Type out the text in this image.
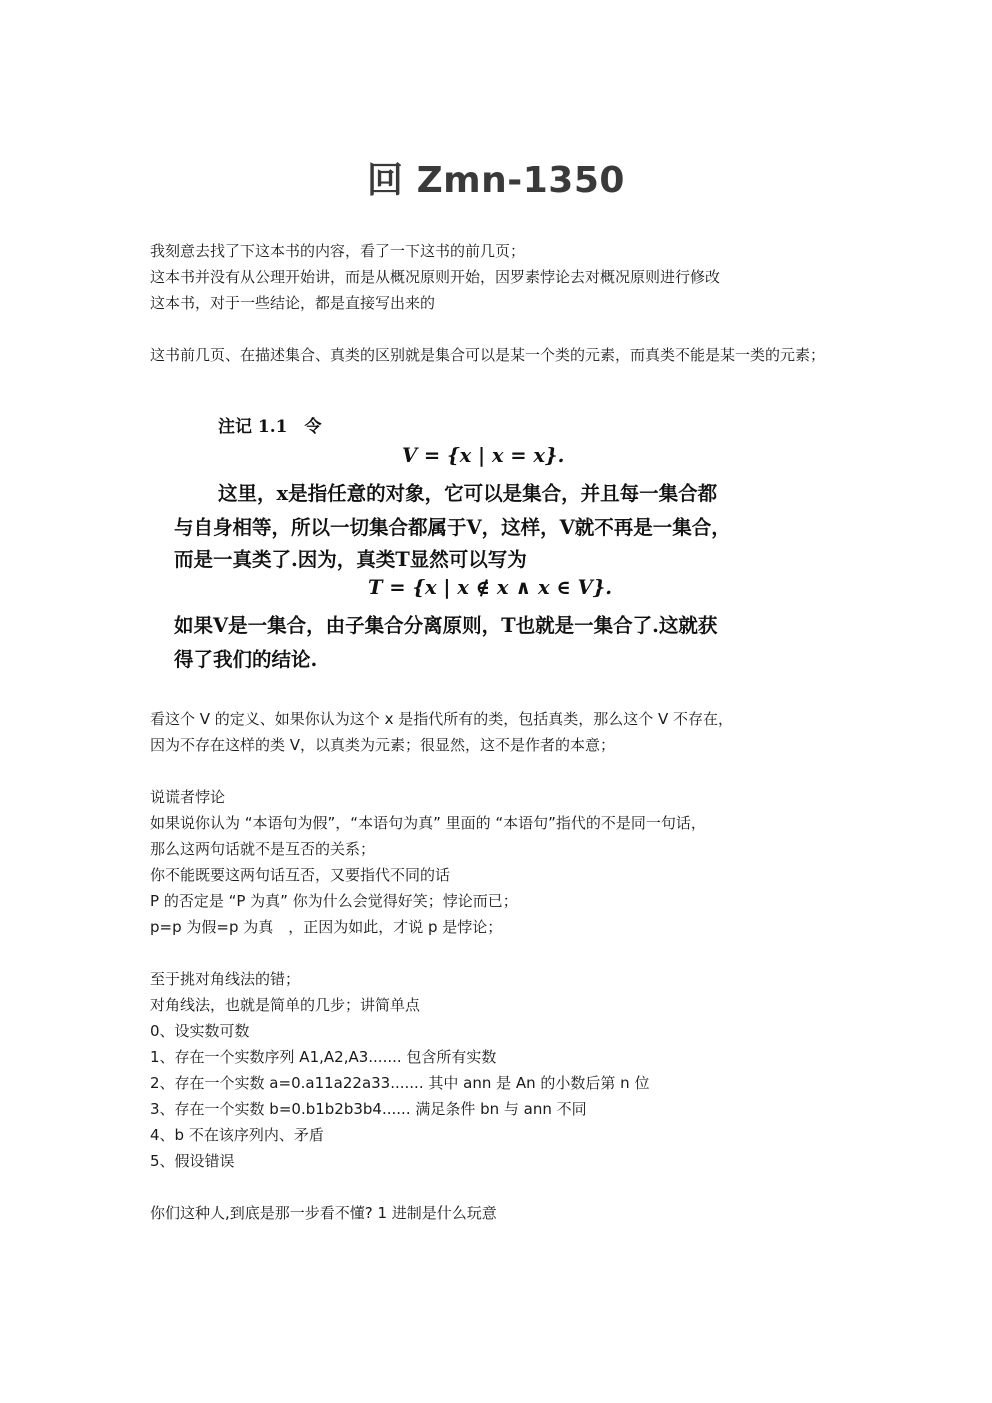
回 Zmn-1350
我刻意去找了下这本书的内容，看了一下这书的前几页；
这本书并没有从公理开始讲，而是从概况原则开始，因罗素悖论去对概况原则进行修改
这本书，对于一些结论，都是直接写出来的
这书前几页、在描述集合、真类的区别就是集合可以是某一个类的元素，而真类不能是某一类的元素；
注记 1.1　令
V = {x | x = x}.
这里，x是指任意的对象，它可以是集合，并且每一集合都
与自身相等，所以一切集合都属于V，这样，V就不再是一集合，
而是一真类了.因为，真类T显然可以写为
T = {x | x ∉ x ∧ x ∈ V}.
如果V是一集合，由子集合分离原则，T也就是一集合了.这就获
得了我们的结论.
看这个 V 的定义、如果你认为这个 x 是指代所有的类，包括真类，那么这个 V 不存在，
因为不存在这样的类 V，以真类为元素；很显然，这不是作者的本意；
说谎者悖论
如果说你认为 “本语句为假”，“本语句为真” 里面的 “本语句”指代的不是同一句话，
那么这两句话就不是互否的关系；
你不能既要这两句话互否，又要指代不同的话
P 的否定是 “P 为真” 你为什么会觉得好笑；悖论而已；
p=p 为假=p 为真　，正因为如此，才说 p 是悖论；
至于挑对角线法的错；
对角线法，也就是简单的几步；讲简单点
0、设实数可数
1、存在一个实数序列 A1,A2,A3....... 包含所有实数
2、存在一个实数 a=0.a11a22a33....... 其中 ann 是 An 的小数后第 n 位
3、存在一个实数 b=0.b1b2b3b4...... 满足条件 bn 与 ann 不同
4、b 不在该序列内、矛盾
5、假设错误
你们这种人,到底是那一步看不懂? 1 进制是什么玩意
